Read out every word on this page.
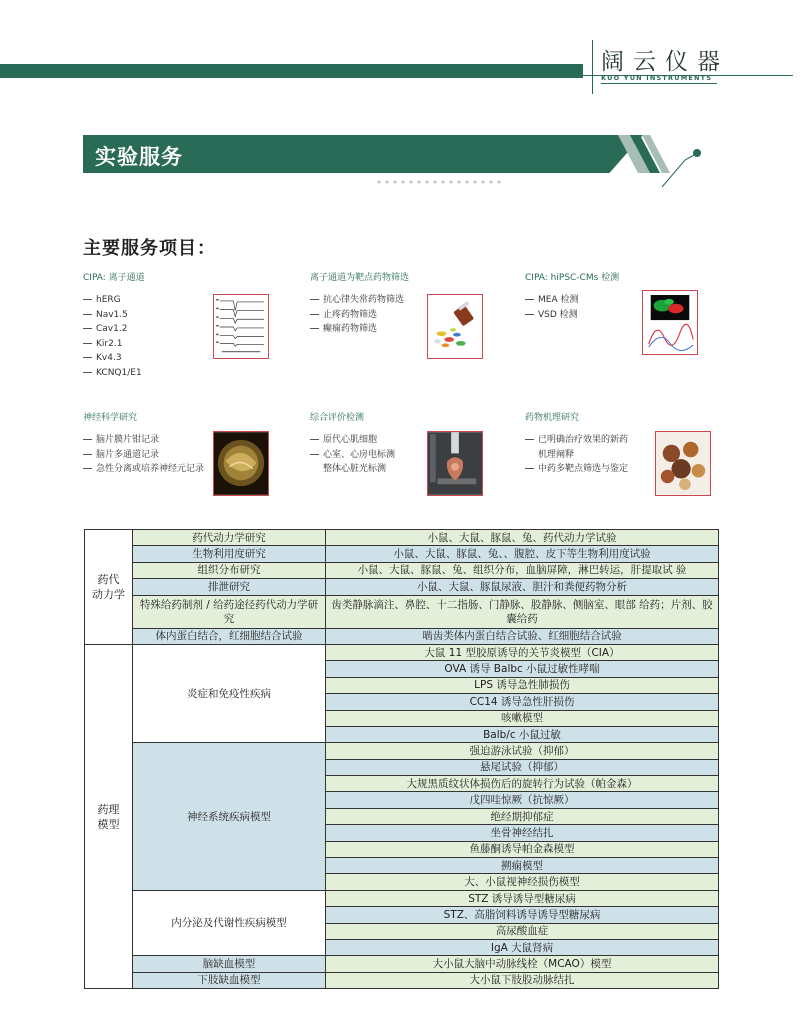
阔云仪器
KUO YUN INSTRUMENTS
实验服务
主要服务项目：
CIPA: 离子通道
hERG
Nav1.5
Cav1.2
Kir2.1
Kv4.3
KCNQ1/E1
离子通道为靶点药物筛选
抗心律失常药物筛选
止疼药物筛选
癫痫药物筛选
CIPA: hiPSC-CMs 检测
MEA 检测
VSD 检测
神经科学研究
脑片膜片钳记录
脑片多通道记录
急性分离或培养神经元记录
综合评价检测
原代心肌细胞
心室、心房电标测
整体心脏光标测
药物机理研究
已明确治疗效果的新药
机理阐释
中药多靶点筛选与鉴定
药代
动力学	药代动力学研究	小鼠、大鼠、豚鼠、兔、药代动力学试验
	生物利用度研究	小鼠、大鼠、豚鼠、兔、、腹腔、皮下等生物利用度试验
	组织分布研究	小鼠、大鼠、豚鼠、兔、组织分布，血脑屏障，淋巴转运，肝提取试 验
	排泄研究	小鼠、大鼠、豚鼠尿液、胆汁和粪便药物分析
	特殊给药制剂 / 给药途径药代动力学研究	齿类静脉滴注、鼻腔、十二指肠、门静脉、股静脉、侧脑室、眼部 给药；片剂、胶囊给药
	体内蛋白结合，红细胞结合试验	啮齿类体内蛋白结合试验、红细胞结合试验
药理
模型	炎症和免疫性疾病	大鼠 11 型胶原诱导的关节炎模型（CIA）
		OVA 诱导 Balbc 小鼠过敏性哮喘
		LPS 诱导急性肺损伤
		CC14 诱导急性肝损伤
		咳嗽模型
		Balb/c 小鼠过敏
	神经系统疾病模型	强迫游泳试验（抑郁）
		悬尾试验（抑郁）
		大规黑质纹状体损伤后的旋转行为试验（帕金森）
		戊四哇惊厥（抗惊厥）
		绝经期抑郁症
		坐骨神经结扎
		鱼藤酮诱导帕金森模型
		搠痫模型
		大、小鼠视神经损伤模型
	内分泌及代谢性疾病模型	STZ 诱导诱导型糖尿病
		STZ、高脂饲料诱导诱导型糖尿病
		高尿酸血症
		IgA 大鼠肾病
	脑缺血模型	大小鼠大脑中动脉线栓（MCAO）模型
	下肢缺血模型	大小鼠下肢股动脉结扎
